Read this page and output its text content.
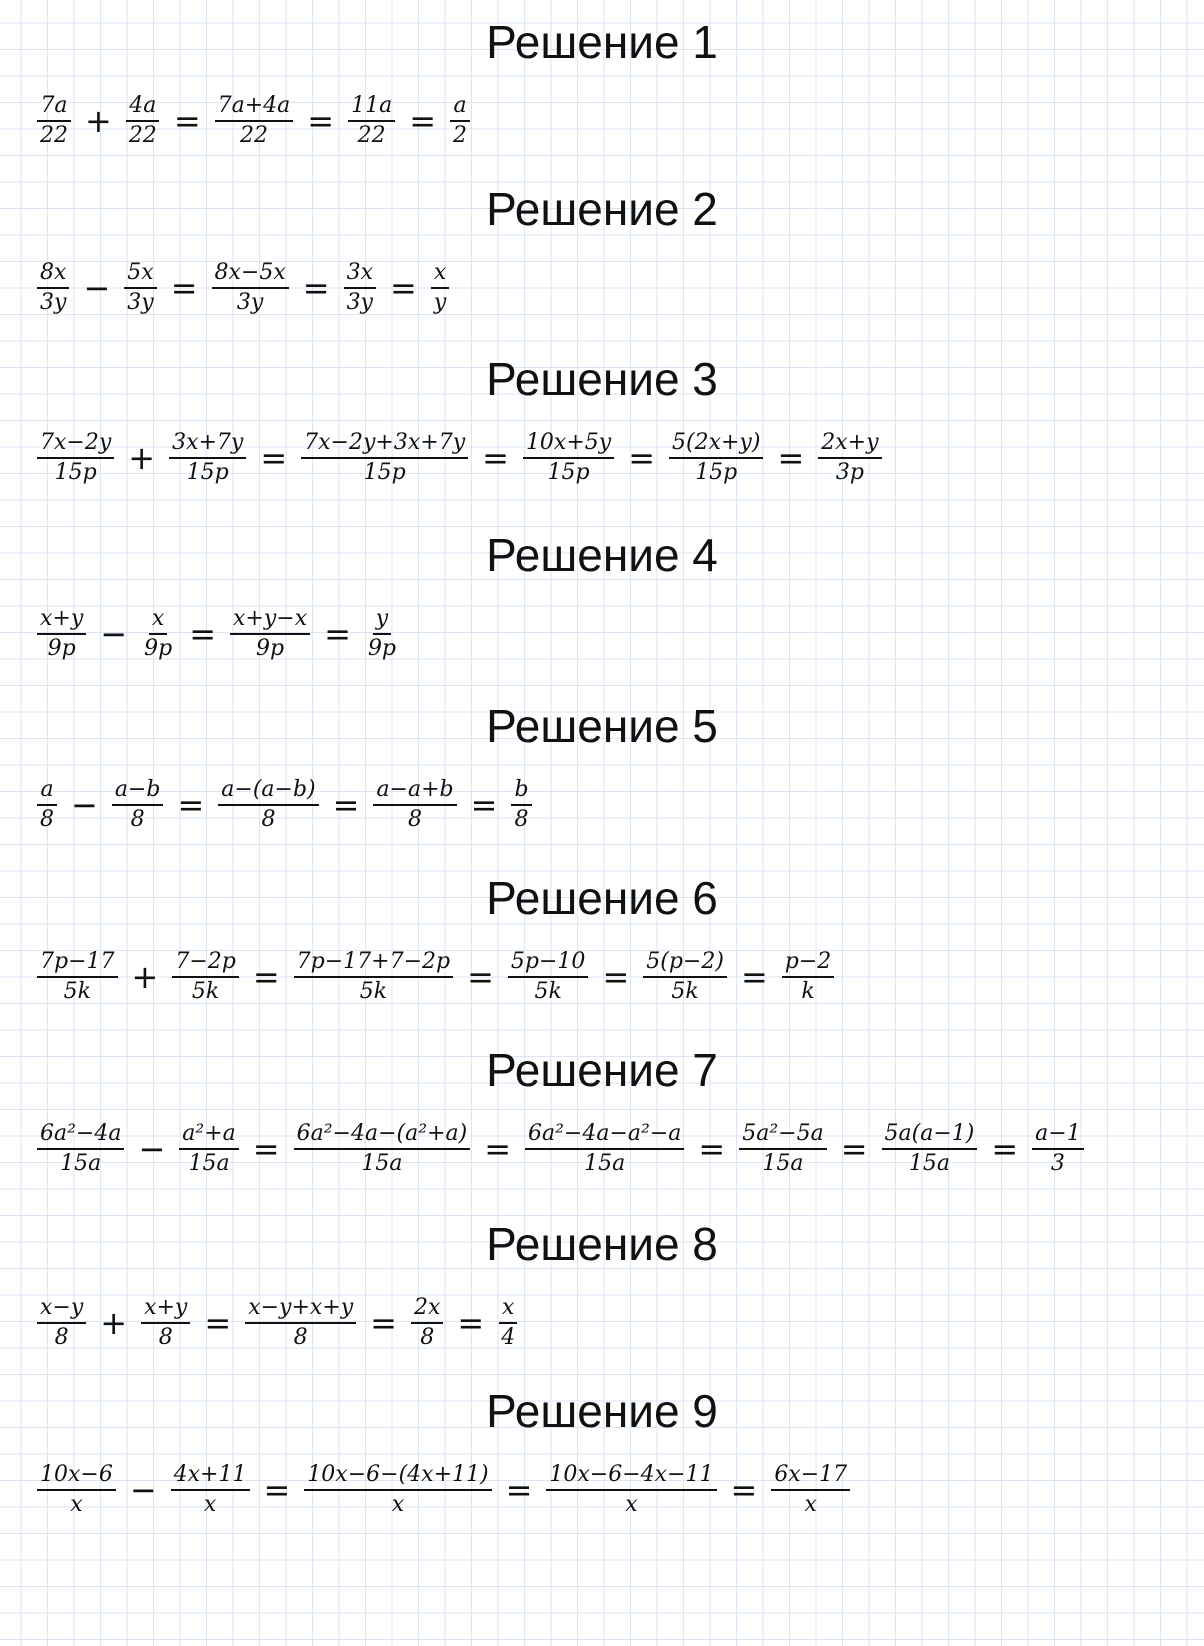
Решение 1
$\frac{7a}{22} + \frac{4a}{22} = \frac{7a+4a}{22} = \frac{11a}{22} = \frac{a}{2}$
Решение 2
$\frac{8x}{3y} - \frac{5x}{3y} = \frac{8x-5x}{3y} = \frac{3x}{3y} = \frac{x}{y}$
Решение 3
$\frac{7x-2y}{15p} + \frac{3x+7y}{15p} = \frac{7x-2y+3x+7y}{15p} = \frac{10x+5y}{15p} = \frac{5(2x+y)}{15p} = \frac{2x+y}{3p}$
Решение 4
$\frac{x+y}{9p} - \frac{x}{9p} = \frac{x+y-x}{9p} = \frac{y}{9p}$
Решение 5
$\frac{a}{8} - \frac{a-b}{8} = \frac{a-(a-b)}{8} = \frac{a-a+b}{8} = \frac{b}{8}$
Решение 6
$\frac{7p-17}{5k} + \frac{7-2p}{5k} = \frac{7p-17+7-2p}{5k} = \frac{5p-10}{5k} = \frac{5(p-2)}{5k} = \frac{p-2}{k}$
Решение 7
$\frac{\text{6a²−4a}}{15a} - \frac{\text{a²+a}}{15a} = \frac{\text{6a²−4a−(a²+a)}}{15a} = \frac{\text{6a²−4a−a²−a}}{15a} = \frac{\text{5a²−5a}}{15a} = \frac{5a(a-1)}{15a} = \frac{a-1}{3}$
Решение 8
$\frac{x-y}{8} + \frac{x+y}{8} = \frac{x-y+x+y}{8} = \frac{2x}{8} = \frac{x}{4}$
Решение 9
$\frac{10x-6}{x} - \frac{4x+11}{x} = \frac{10x-6-(4x+11)}{x} = \frac{10x-6-4x-11}{x} = \frac{6x-17}{x}$
